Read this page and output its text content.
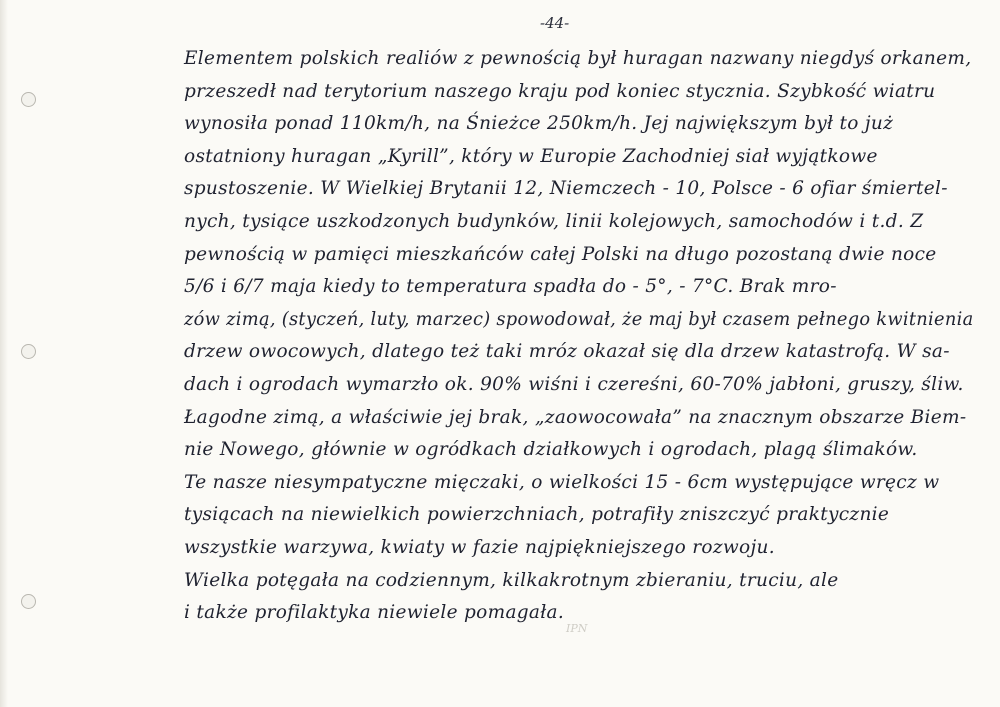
-44-
Elementem polskich realiów z pewnością był huragan nazwany niegdyś orkanem,
przeszedł nad terytorium naszego kraju pod koniec stycznia. Szybkość wiatru
wynosiła ponad 110km/h, na Śnieżce 250km/h. Jej największym był to już
ostatniony huragan „Kyrill”, który w Europie Zachodniej siał wyjątkowe
spustoszenie. W Wielkiej Brytanii 12, Niemczech - 10, Polsce - 6 ofiar śmiertel-
nych, tysiące uszkodzonych budynków, linii kolejowych, samochodów i t.d. Z
pewnością w pamięci mieszkańców całej Polski na długo pozostaną dwie noce
5/6 i 6/7 maja kiedy to temperatura spadła do - 5°, - 7°C. Brak mro-
zów zimą, (styczeń, luty, marzec) spowodował, że maj był czasem pełnego kwitnienia
drzew owocowych, dlatego też taki mróz okazał się dla drzew katastrofą. W sa-
dach i ogrodach wymarzło ok. 90% wiśni i czereśni, 60-70% jabłoni, gruszy, śliw.
Łagodne zimą, a właściwie jej brak, „zaowocowała” na znacznym obszarze Biem-
nie Nowego, głównie w ogródkach działkowych i ogrodach, plagą ślimaków.
Te nasze niesympatyczne mięczaki, o wielkości 15 - 6cm występujące wręcz w
tysiącach na niewielkich powierzchniach, potrafiły zniszczyć praktycznie
wszystkie warzywa, kwiaty w fazie najpiękniejszego rozwoju.
Wielka potęgała na codziennym, kilkakrotnym zbieraniu, truciu, ale
i także profilaktyka niewiele pomagała.
IPN
